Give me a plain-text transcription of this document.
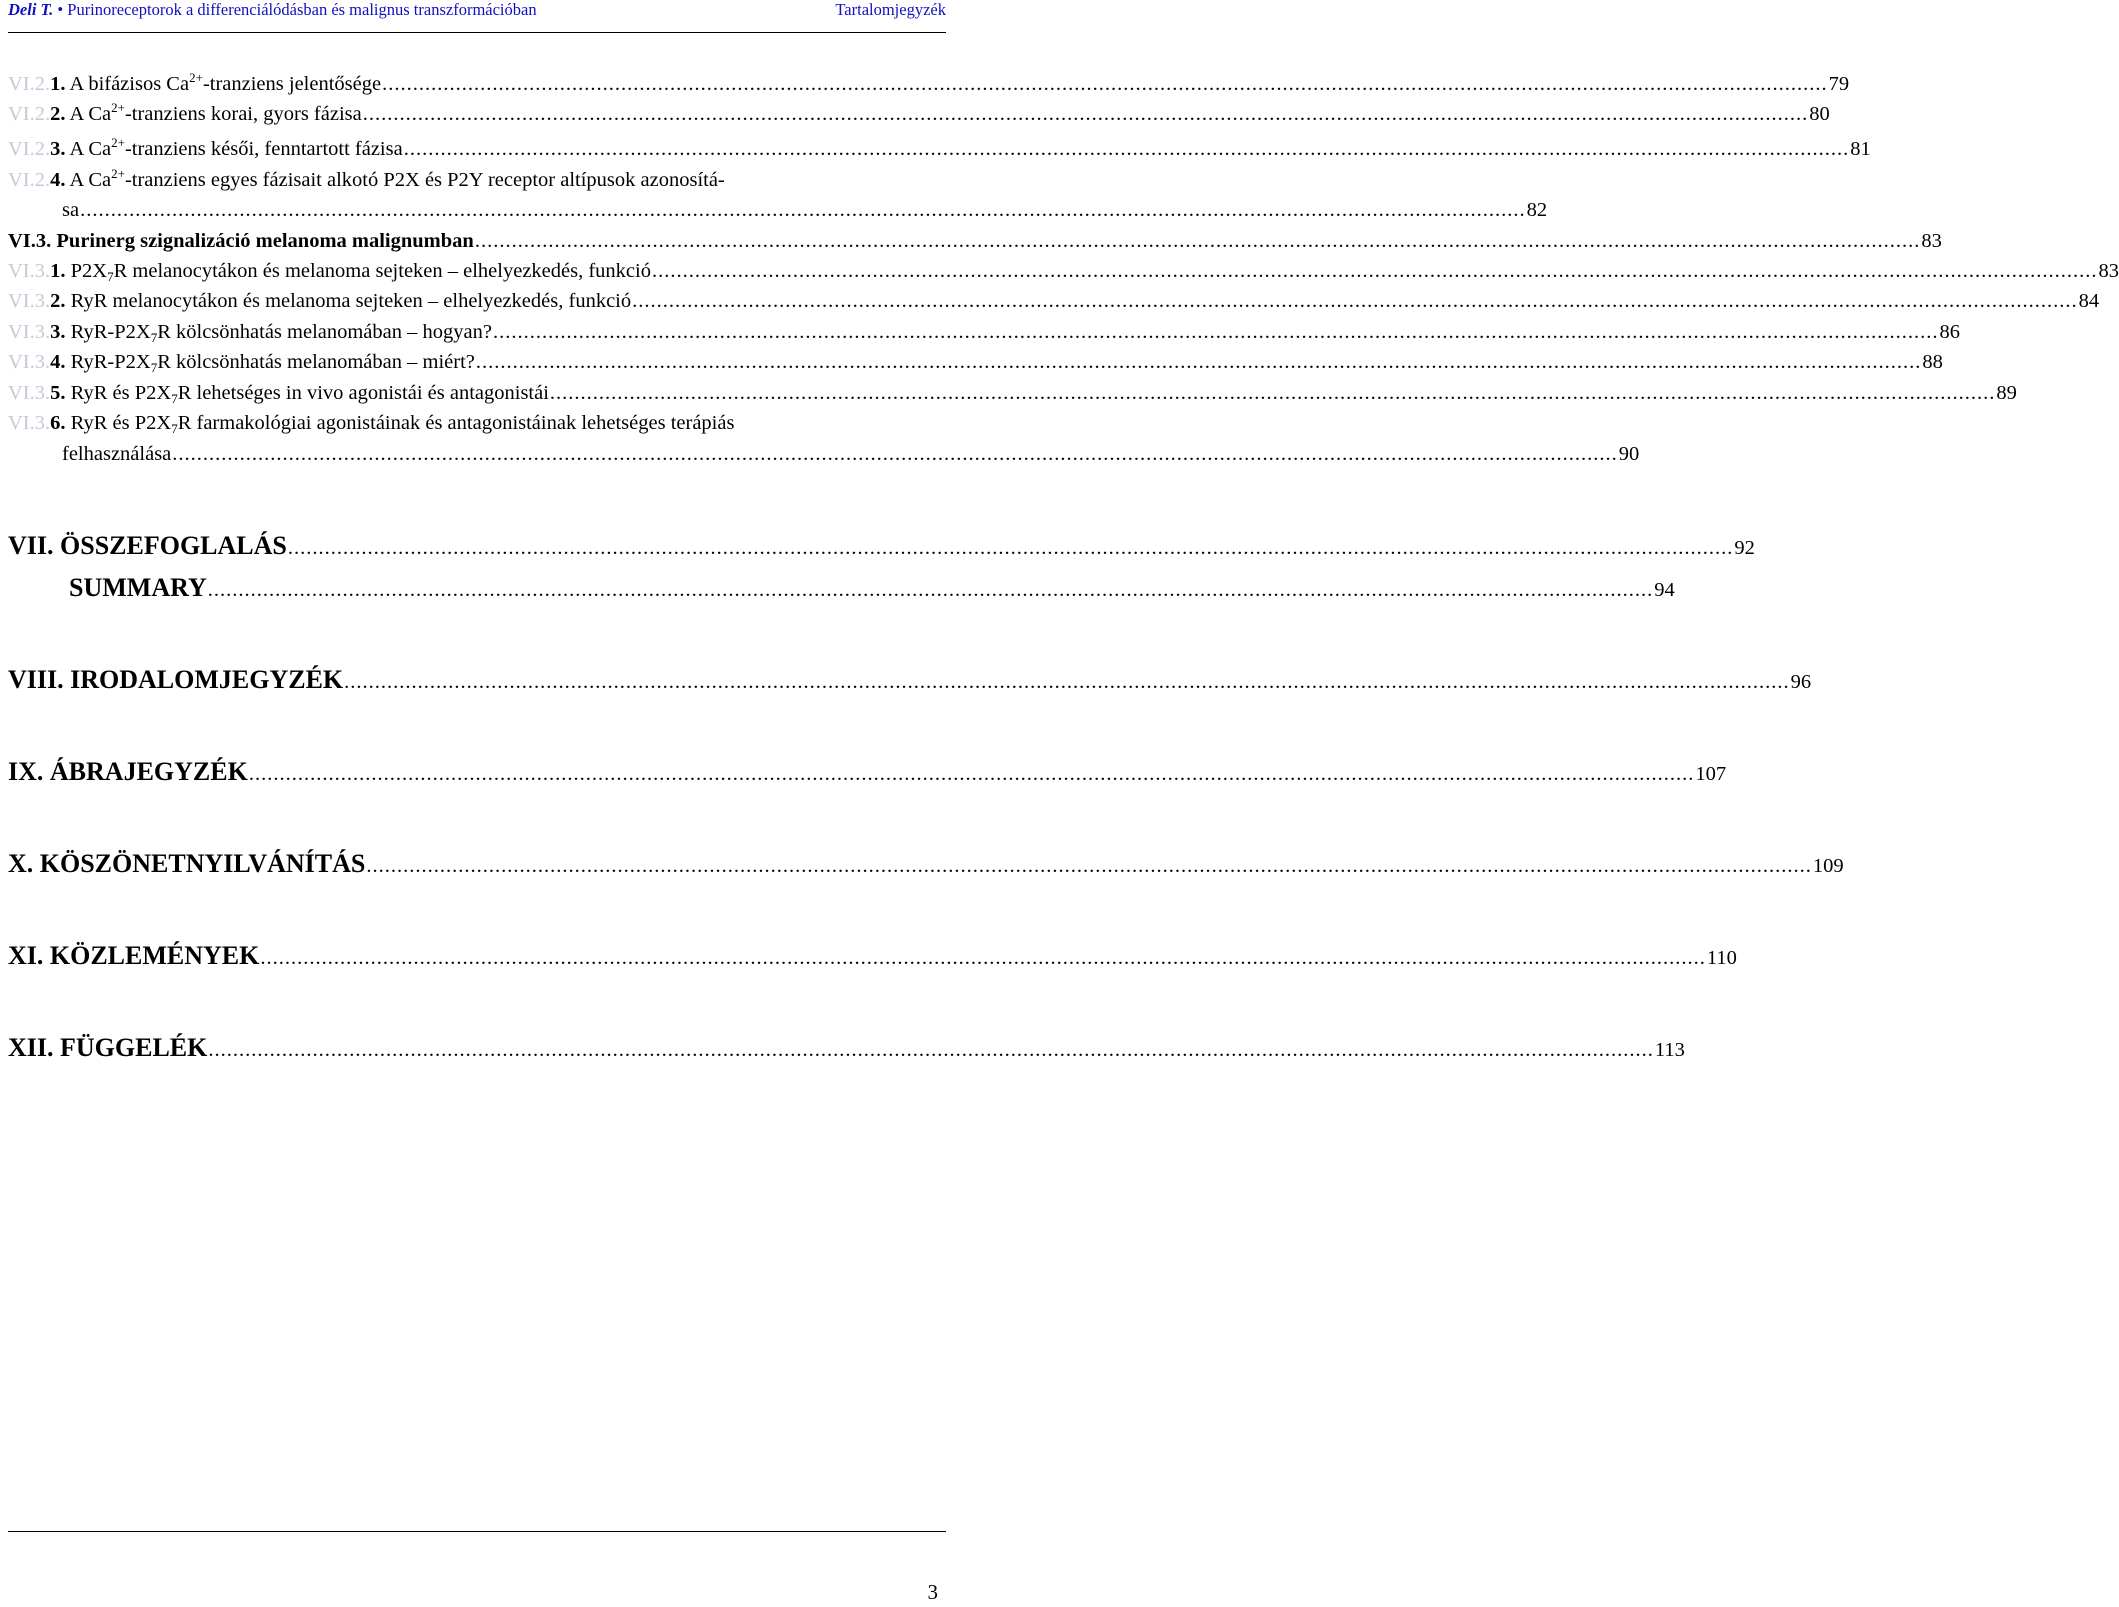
Deli T. • Purinoreceptorok a differenciálódásban és malignus transzformációban	Tartalomjegyzék
VI.2.1. A bifázisos $Ca^{2+}$-tranziens jelentősége ............................................................................................................................................................................................................................................ 79
VI.2.2. A $Ca^{2+}$-tranziens korai, gyors fázisa ............................................................................................................................................................................................................................................ 80
VI.2.3. A $Ca^{2+}$-tranziens késői, fenntartott fázisa ............................................................................................................................................................................................................................................ 81
VI.2.4. A $Ca^{2+}$-tranziens egyes fázisait alkotó P2X és P2Y receptor altípusok azonosítá-
sa ............................................................................................................................................................................................................................................ 82
VI.3. Purinerg szignalizáció melanoma malignumban ............................................................................................................................................................................................................................................ 83
VI.3.1. $P2X_7R$ melanocytákon és melanoma sejteken – elhelyezkedés, funkció ............................................................................................................................................................................................................................................ 83
VI.3.2. RyR melanocytákon és melanoma sejteken – elhelyezkedés, funkció ............................................................................................................................................................................................................................................ 84
VI.3.3. RyR-$P2X_7R$ kölcsönhatás melanomában – hogyan? ............................................................................................................................................................................................................................................ 86
VI.3.4. RyR-$P2X_7R$ kölcsönhatás melanomában – miért? ............................................................................................................................................................................................................................................ 88
VI.3.5. RyR és $P2X_7R$ lehetséges in vivo agonistái és antagonistái ............................................................................................................................................................................................................................................ 89
VI.3.6. RyR és $P2X_7R$ farmakológiai agonistáinak és antagonistáinak lehetséges terápiás
felhasználása ............................................................................................................................................................................................................................................ 90
VII. ÖSSZEFOGLALÁS ............................................................................................................................................................................................................................................ 92
SUMMARY ............................................................................................................................................................................................................................................ 94
VIII. IRODALOMJEGYZÉK ............................................................................................................................................................................................................................................ 96
IX. ÁBRAJEGYZÉK ............................................................................................................................................................................................................................................ 107
X. KÖSZÖNETNYILVÁNÍTÁS ............................................................................................................................................................................................................................................ 109
XI. KÖZLEMÉNYEK ............................................................................................................................................................................................................................................ 110
XII. FÜGGELÉK ............................................................................................................................................................................................................................................ 113
3
